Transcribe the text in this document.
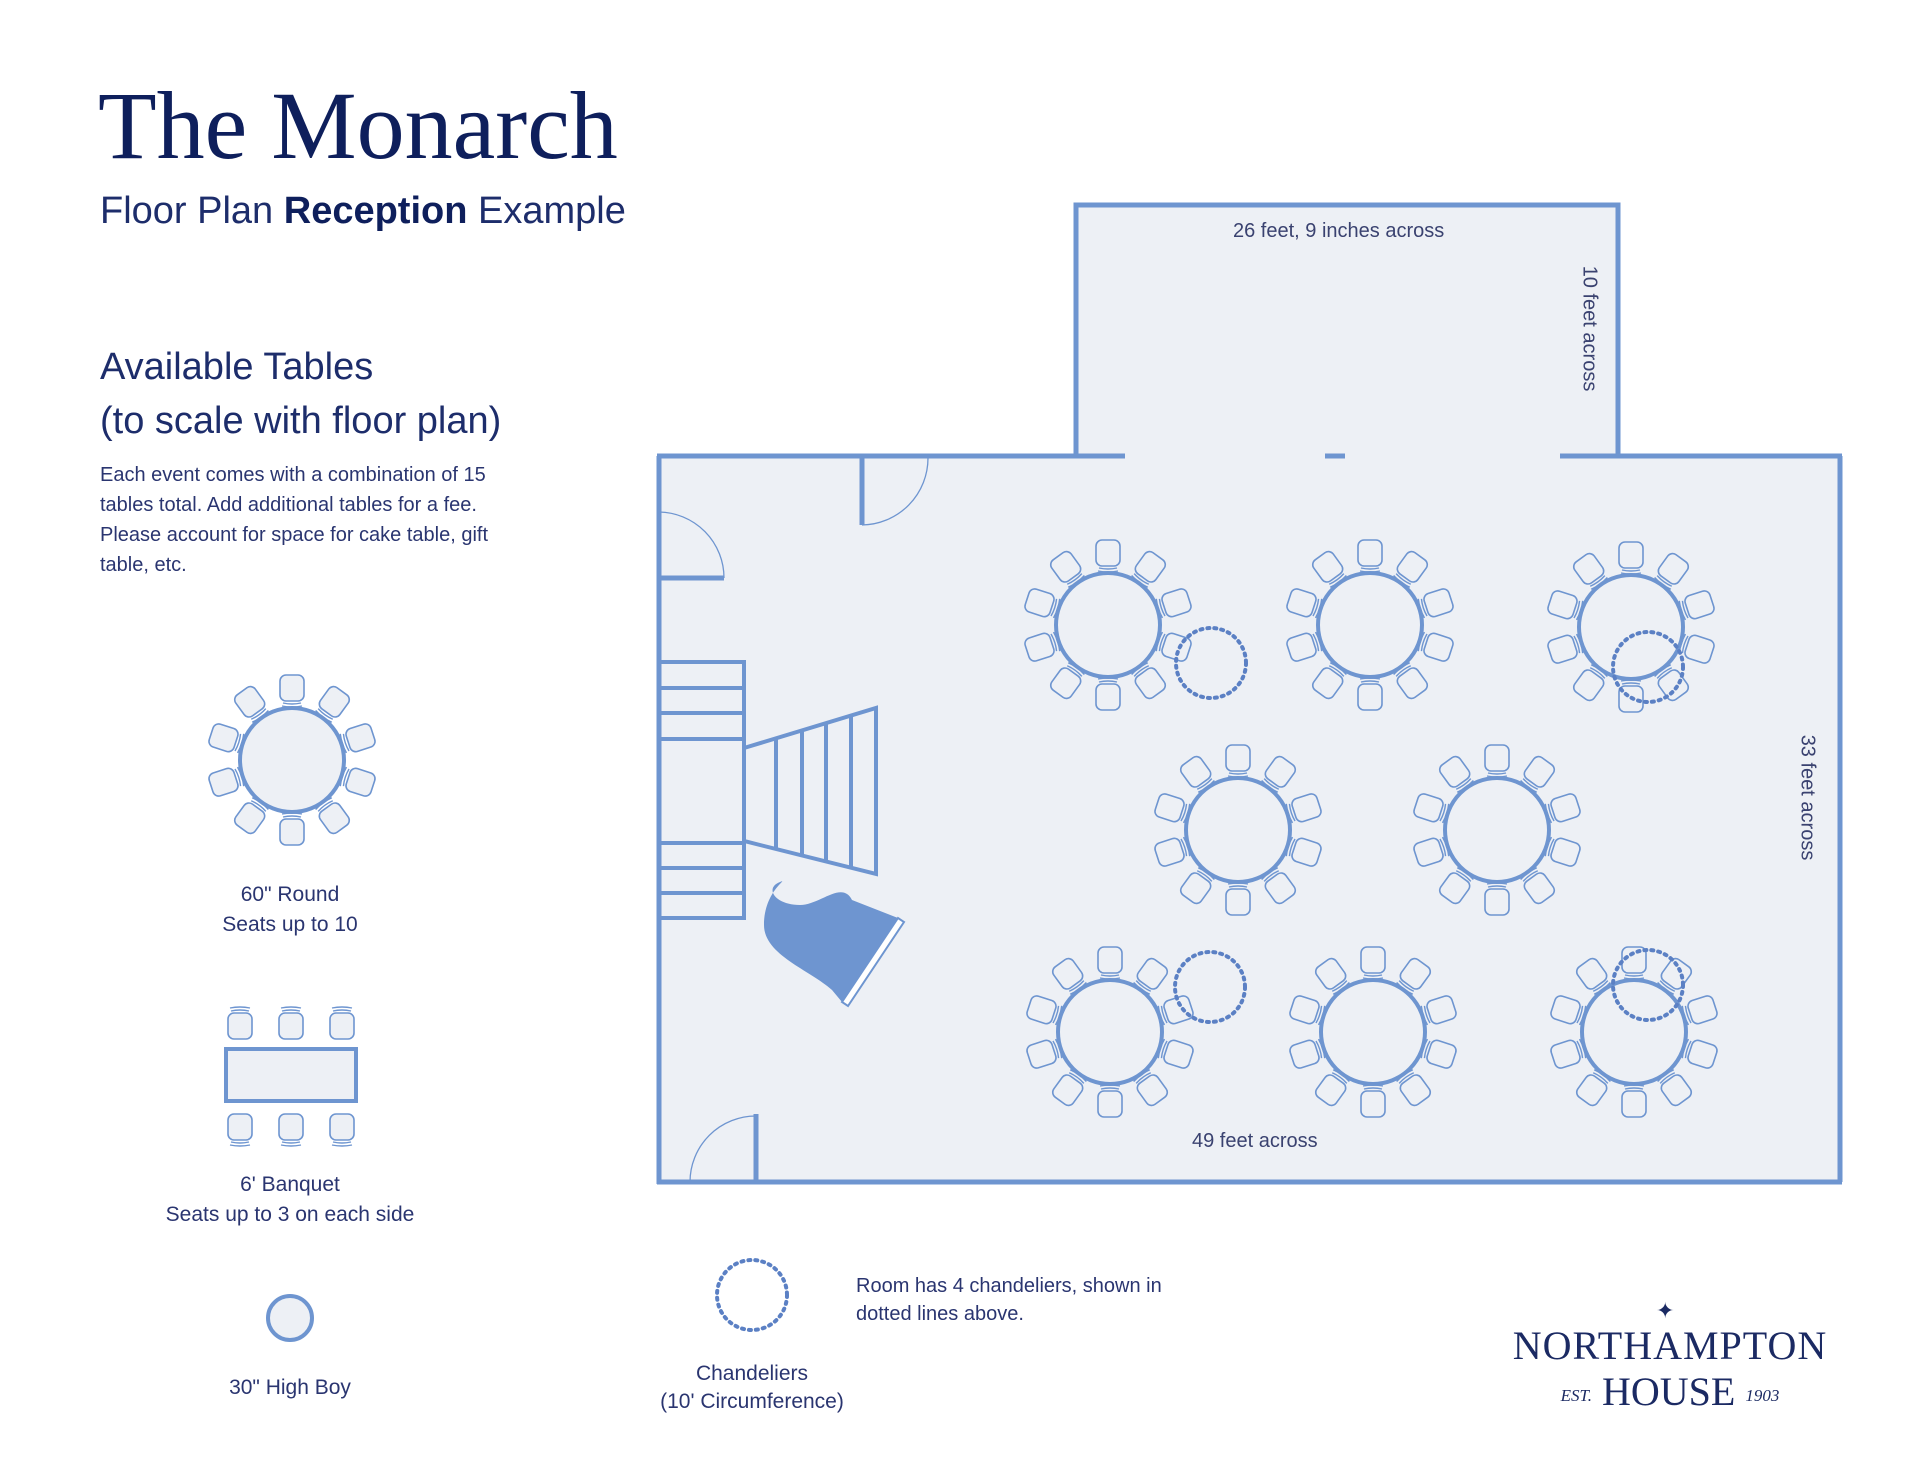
The Monarch
Floor Plan Reception Example
Available Tables
(to scale with floor plan)
Each event comes with a combination of 15 tables total. Add additional tables for a fee. Please account for space for cake table, gift table, etc.
26 feet, 9 inches across
10 feet across
33 feet across
49 feet across
60" Round
Seats up to 10
6' Banquet
Seats up to 3 on each side
30" High Boy
Chandeliers
(10' Circumference)
Room has 4 chandeliers, shown in dotted lines above.	✦
NORTHAMPTON
EST. HOUSE 1903
